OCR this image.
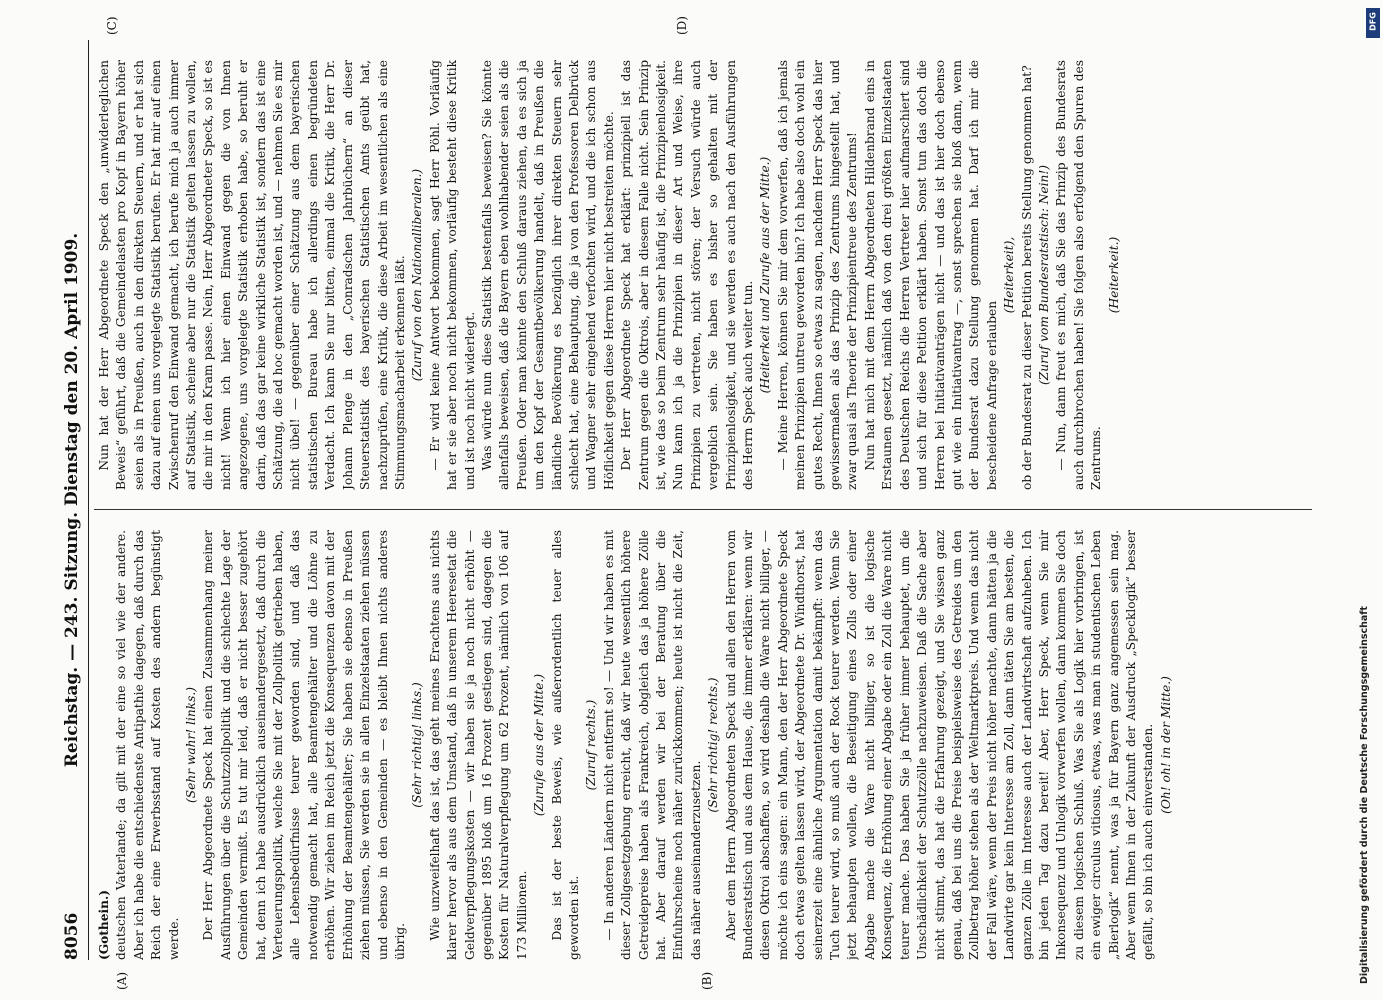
8056
Reichstag. — 243. Sitzung. Dienstag den 20. April 1909.
(A)	(B)
(C)	(D)

(Gothein.) deutschen Vaterlande; da gilt mit der eine so viel wie der andere. Aber ich habe die entschiedenste Antipathie dagegen, daß durch das Reich der eine Erwerbsstand auf Kosten des andern begünstigt werde.

(Sehr wahr! links.) Der Herr Abgeordnete Speck hat einen Zusammenhang meiner Ausführungen über die Schutzzollpolitik und die schlechte Lage der Gemeinden vermißt. Es tut mir leid, daß er nicht besser zugehört hat, denn ich habe ausdrücklich auseinandergesetzt, daß durch die Verteuerungspolitik, welche Sie mit der Zollpolitik getrieben haben, alle Lebensbedürfnisse teurer geworden sind, und daß das notwendig gemacht hat, alle Beamtengehälter und die Löhne zu erhöhen. Wir ziehen im Reich jetzt die Konsequenzen davon mit der Erhöhung der Beamtengehälter; Sie haben sie ebenso in Preußen ziehen müssen, Sie werden sie in allen Einzelstaaten ziehen müssen und ebenso in den Gemeinden — es bleibt Ihnen nichts anderes übrig.

(Sehr richtig! links.) Wie unzweifelhaft das ist, das geht meines Erachtens aus nichts klarer hervor als aus dem Umstand, daß in unserem Heeresetat die Geldverpflegungskosten — wir haben sie ja noch nicht erhöht — gegenüber 1895 bloß um 16 Prozent gestiegen sind, dagegen die Kosten für Naturalverpflegung um 62 Prozent, nämlich von 106 auf 173 Millionen.

(Zurufe aus der Mitte.) Das ist der beste Beweis, wie außerordentlich teuer alles geworden ist.

(Zuruf rechts.) — In anderen Ländern nicht entfernt so! — Und wir haben es mit dieser Zollgesetzgebung erreicht, daß wir heute wesentlich höhere Getreidepreise haben als Frankreich, obgleich das ja höhere Zölle hat. Aber darauf werden wir bei der Beratung über die Einfuhrscheine noch näher zurückkommen; heute ist nicht die Zeit, das näher auseinanderzusetzen.

(Sehr richtig! rechts.) Aber dem Herrn Abgeordneten Speck und allen den Herren vom Bundesratstisch und aus dem Hause, die immer erklären: wenn wir diesen Oktroi abschaffen, so wird deshalb die Ware nicht billiger, — möchte ich eins sagen: ein Mann, den der Herr Abgeordnete Speck doch etwas gelten lassen wird, der Abgeordnete Dr. Windthorst, hat seinerzeit eine ähnliche Argumentation damit bekämpft: wenn das Tuch teurer wird, so muß auch der Rock teurer werden. Wenn Sie jetzt behaupten wollen, die Beseitigung eines Zolls oder einer Abgabe mache die Ware nicht billiger, so ist die logische Konsequenz, die Erhöhung einer Abgabe oder ein Zoll die Ware nicht teurer mache. Das haben Sie ja früher immer behauptet, um die Unschädlichkeit der Schutzzölle nachzuweisen. Daß die Sache aber nicht stimmt, das hat die Erfahrung gezeigt, und Sie wissen ganz genau, daß bei uns die Preise beispielsweise des Getreides um den Zollbetrag höher stehen als der Weltmarktpreis. Und wenn das nicht der Fall wäre, wenn der Preis nicht höher machte, dann hätten ja die Landwirte gar kein Interesse am Zoll, dann täten Sie am besten, die ganzen Zölle im Interesse auch der Landwirtschaft aufzuheben. Ich bin jeden Tag dazu bereit! Aber, Herr Speck, wenn Sie mir Inkonsequenz und Unlogik vorwerfen wollen, dann kommen Sie doch zu diesem logischen Schluß. Was Sie als Logik hier vorbringen, ist ein ewiger circulus vitiosus, etwas, was man in studentischen Leben „Bierlogik“ nennt, was ja für Bayern ganz angemessen sein mag. Aber wenn Ihnen in der Zukunft der Ausdruck „Specklogik“ besser gefällt, so bin ich auch einverstanden. (Oh! oh! in der Mitte.)

Nun hat der Herr Abgeordnete Speck den „unwiderleglichen Beweis“ geführt, daß die Gemeindelasten pro Kopf in Bayern höher seien als in Preußen, auch in den direkten Steuern, und er hat sich dazu auf einen uns vorgelegte Statistik berufen. Er hat mir auf einen Zwischenruf den Einwand gemacht, ich berufe mich ja auch immer auf Statistik, scheine aber nur die Statistik gelten lassen zu wollen, die mir in den Kram passe. Nein, Herr Abgeordneter Speck, so ist es nicht! Wenn ich hier einen Einwand gegen die von Ihnen angezogene, uns vorgelegte Statistik erhoben habe, so beruht er darin, daß das gar keine wirkliche Statistik ist, sondern das ist eine Schätzung, die ad hoc gemacht worden ist, und — nehmen Sie es mir nicht übel! — gegenüber einer Schätzung aus dem bayerischen statistischen Bureau habe ich allerdings einen begründeten Verdacht. Ich kann Sie nur bitten, einmal die Kritik, die Herr Dr. Johann Plenge in den „Conradschen Jahrbüchern“ an dieser Steuerstatistik des bayerischen Statistischen Amts geübt hat, nachzuprüfen, eine Kritik, die diese Arbeit im wesentlichen als eine Stimmungsmacharbeit erkennen läßt. (Zuruf von den Nationalliberalen.) — Er wird keine Antwort bekommen, sagt Herr Pöhl. Vorläufig hat er sie aber noch nicht bekommen, vorläufig besteht diese Kritik und ist noch nicht widerlegt. Was würde nun diese Statistik bestenfalls beweisen? Sie könnte allenfalls beweisen, daß die Bayern eben wohlhabender seien als die Preußen. Oder man könnte den Schluß daraus ziehen, da es sich ja um den Kopf der Gesamtbevölkerung handelt, daß in Preußen die ländliche Bevölkerung es bezüglich ihrer direkten Steuern sehr schlecht hat, eine Behauptung, die ja von den Professoren Delbrück und Wagner sehr eingehend verfochten wird, und die ich schon aus Höflichkeit gegen diese Herren hier nicht bestreiten möchte. Der Herr Abgeordnete Speck hat erklärt: prinzipiell ist das Zentrum gegen die Oktrois, aber in diesem Falle nicht. Sein Prinzip ist, wie das so beim Zentrum sehr häufig ist, die Prinzipienlosigkeit. Nun kann ich ja die Prinzipien in dieser Art und Weise, ihre Prinzipien zu vertreten, nicht stören; der Versuch würde auch vergeblich sein. Sie haben es bisher so gehalten mit der Prinzipienlosigkeit, und sie werden es auch nach den Ausführungen des Herrn Speck auch weiter tun. (Heiterkeit und Zurufe aus der Mitte.) — Meine Herren, können Sie mir dem vorwerfen, daß ich jemals meinen Prinzipien untreu geworden bin? Ich habe also doch wohl ein gutes Recht, Ihnen so etwas zu sagen, nachdem Herr Speck das hier gewissermaßen als das Prinzip des Zentrums hingestellt hat, und zwar quasi als Theorie der Prinzipientreue des Zentrums! Nun hat mich mit dem Herrn Abgeordneten Hildenbrand eins in Erstaunen gesetzt, nämlich daß von den drei größten Einzelstaaten des Deutschen Reichs die Herren Vertreter hier aufmarschiert sind und sich für diese Petition erklärt haben. Sonst tun das doch die Herren bei Initiativanträgen nicht — und das ist hier doch ebenso gut wie ein Initiativantrag —, sonst sprechen sie bloß dann, wenn der Bundesrat dazu Stellung genommen hat. Darf ich mir die bescheidene Anfrage erlauben

(Heiterkeit), ob der Bundesrat zu dieser Petition bereits Stellung genommen hat? (Zuruf vom Bundesratstisch: Nein!) — Nun, dann freut es mich, daß Sie das Prinzip des Bundesrats auch durchbrochen haben! Sie folgen also erfolgend den Spuren des Zentrums.

(Heiterkeit.)

DFG
Digitalisierung gefördert durch die Deutsche Forschungsgemeinschaft
